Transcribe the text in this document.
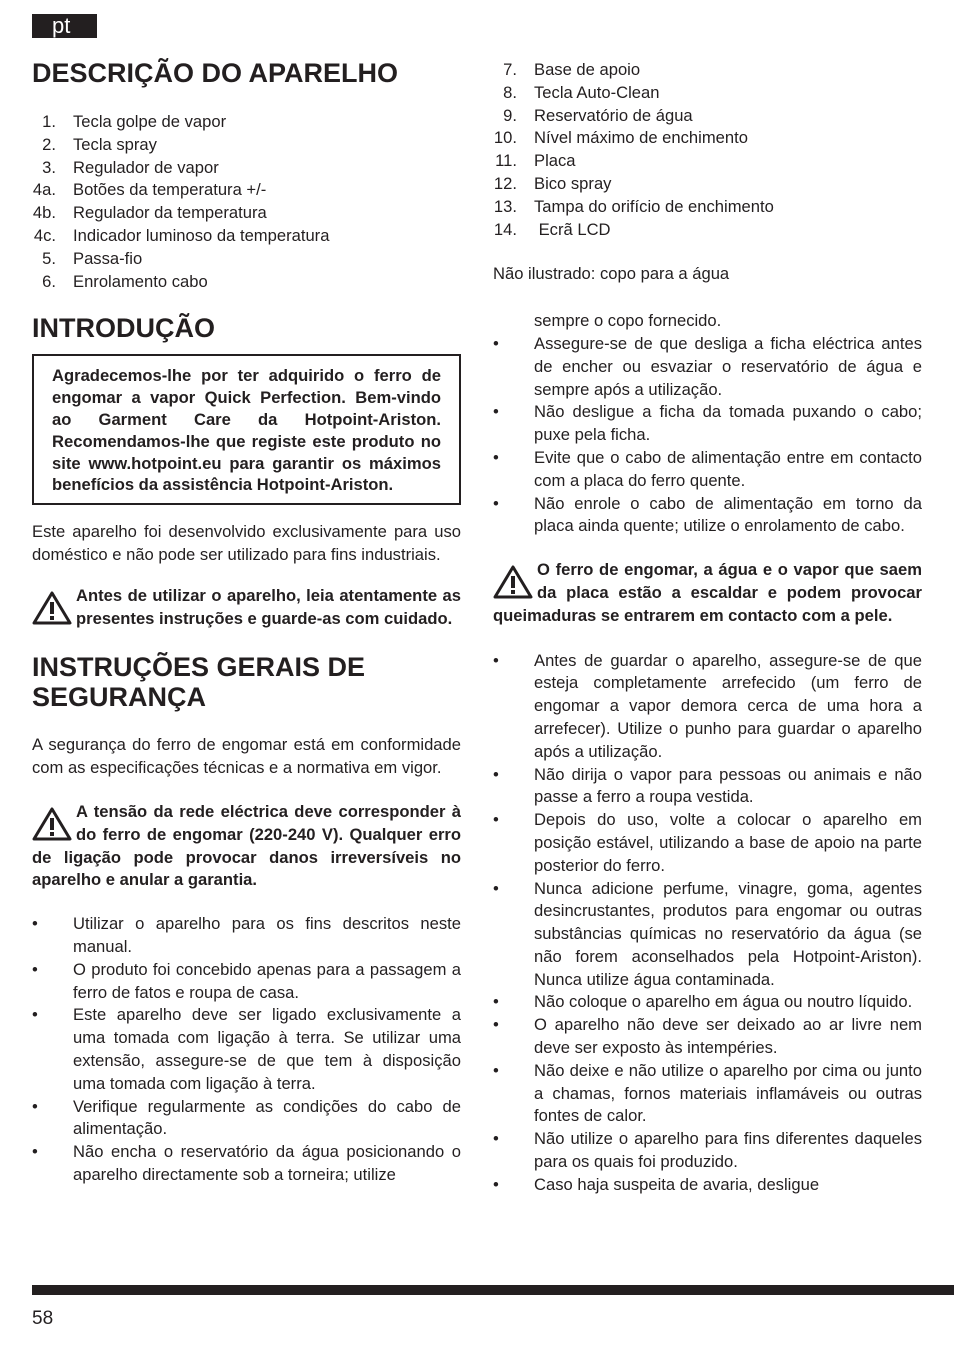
pt
DESCRIÇÃO DO APARELHO
1. Tecla golpe de vapor
2. Tecla spray
3. Regulador de vapor
4a. Botões da temperatura +/-
4b. Regulador da temperatura
4c. Indicador luminoso da temperatura
5. Passa-fio
6. Enrolamento cabo
INTRODUÇÃO
Agradecemos-lhe por ter adquirido o ferro de engomar a vapor Quick Perfection. Bem-vindo ao Garment Care da Hotpoint-Ariston. Recomendamos-lhe que registe este produto no site www.hotpoint.eu para garantir os máximos benefícios da assistência Hotpoint-Ariston.

Este aparelho foi desenvolvido exclusivamente para uso doméstico e não pode ser utilizado para fins industriais.

Antes de utilizar o aparelho, leia atentamente as presentes instruções e guarde-as com cuidado.
INSTRUÇÕES GERAIS DE
SEGURANÇA

A segurança do ferro de engomar está em conformidade com as especificações técnicas e a normativa em vigor.

A tensão da rede eléctrica deve corresponder à do ferro de engomar (220-240 V). Qualquer erro de ligação pode provocar danos irreversíveis no aparelho e anular a garantia.
• Utilizar o aparelho para os fins descritos neste manual.
• O produto foi concebido apenas para a passagem a ferro de fatos e roupa de casa.
• Este aparelho deve ser ligado exclusivamente a uma tomada com ligação à terra. Se utilizar uma extensão, assegure-se de que tem à disposição uma tomada com ligação à terra.
• Verifique regularmente as condições do cabo de alimentação.
• Não encha o reservatório da água posicionando o aparelho directamente sob a torneira; utilize
7. Base de apoio
8. Tecla Auto-Clean
9. Reservatório de água
10. Nível máximo de enchimento
11. Placa
12. Bico spray
13. Tampa do orifício de enchimento
14. Ecrã LCD

Não ilustrado: copo para a água

sempre o copo fornecido.
• Assegure-se de que desliga a ficha eléctrica antes de encher ou esvaziar o reservatório de água e sempre após a utilização.
• Não desligue a ficha da tomada puxando o cabo; puxe pela ficha.
• Evite que o cabo de alimentação entre em contacto com a placa do ferro quente.
• Não enrole o cabo de alimentação em torno da placa ainda quente; utilize o enrolamento de cabo.
O ferro de engomar, a água e o vapor que saem da placa estão a escaldar e podem provocar queimaduras se entrarem em contacto com a pele.
• Antes de guardar o aparelho, assegure-se de que esteja completamente arrefecido (um ferro de engomar a vapor demora cerca de uma hora a arrefecer). Utilize o punho para guardar o aparelho após a utilização.
• Não dirija o vapor para pessoas ou animais e não passe a ferro a roupa vestida.
• Depois do uso, volte a colocar o aparelho em posição estável, utilizando a base de apoio na parte posterior do ferro.
• Nunca adicione perfume, vinagre, goma, agentes desincrustantes, produtos para engomar ou outras substâncias químicas no reservatório da água (se não forem aconselhados pela Hotpoint-Ariston). Nunca utilize água contaminada.
• Não coloque o aparelho em água ou noutro líquido.
• O aparelho não deve ser deixado ao ar livre nem deve ser exposto às intempéries.
• Não deixe e não utilize o aparelho por cima ou junto a chamas, fornos materiais inflamáveis ou outras fontes de calor.
• Não utilize o aparelho para fins diferentes daqueles para os quais foi produzido.
• Caso haja suspeita de avaria, desligue
58
